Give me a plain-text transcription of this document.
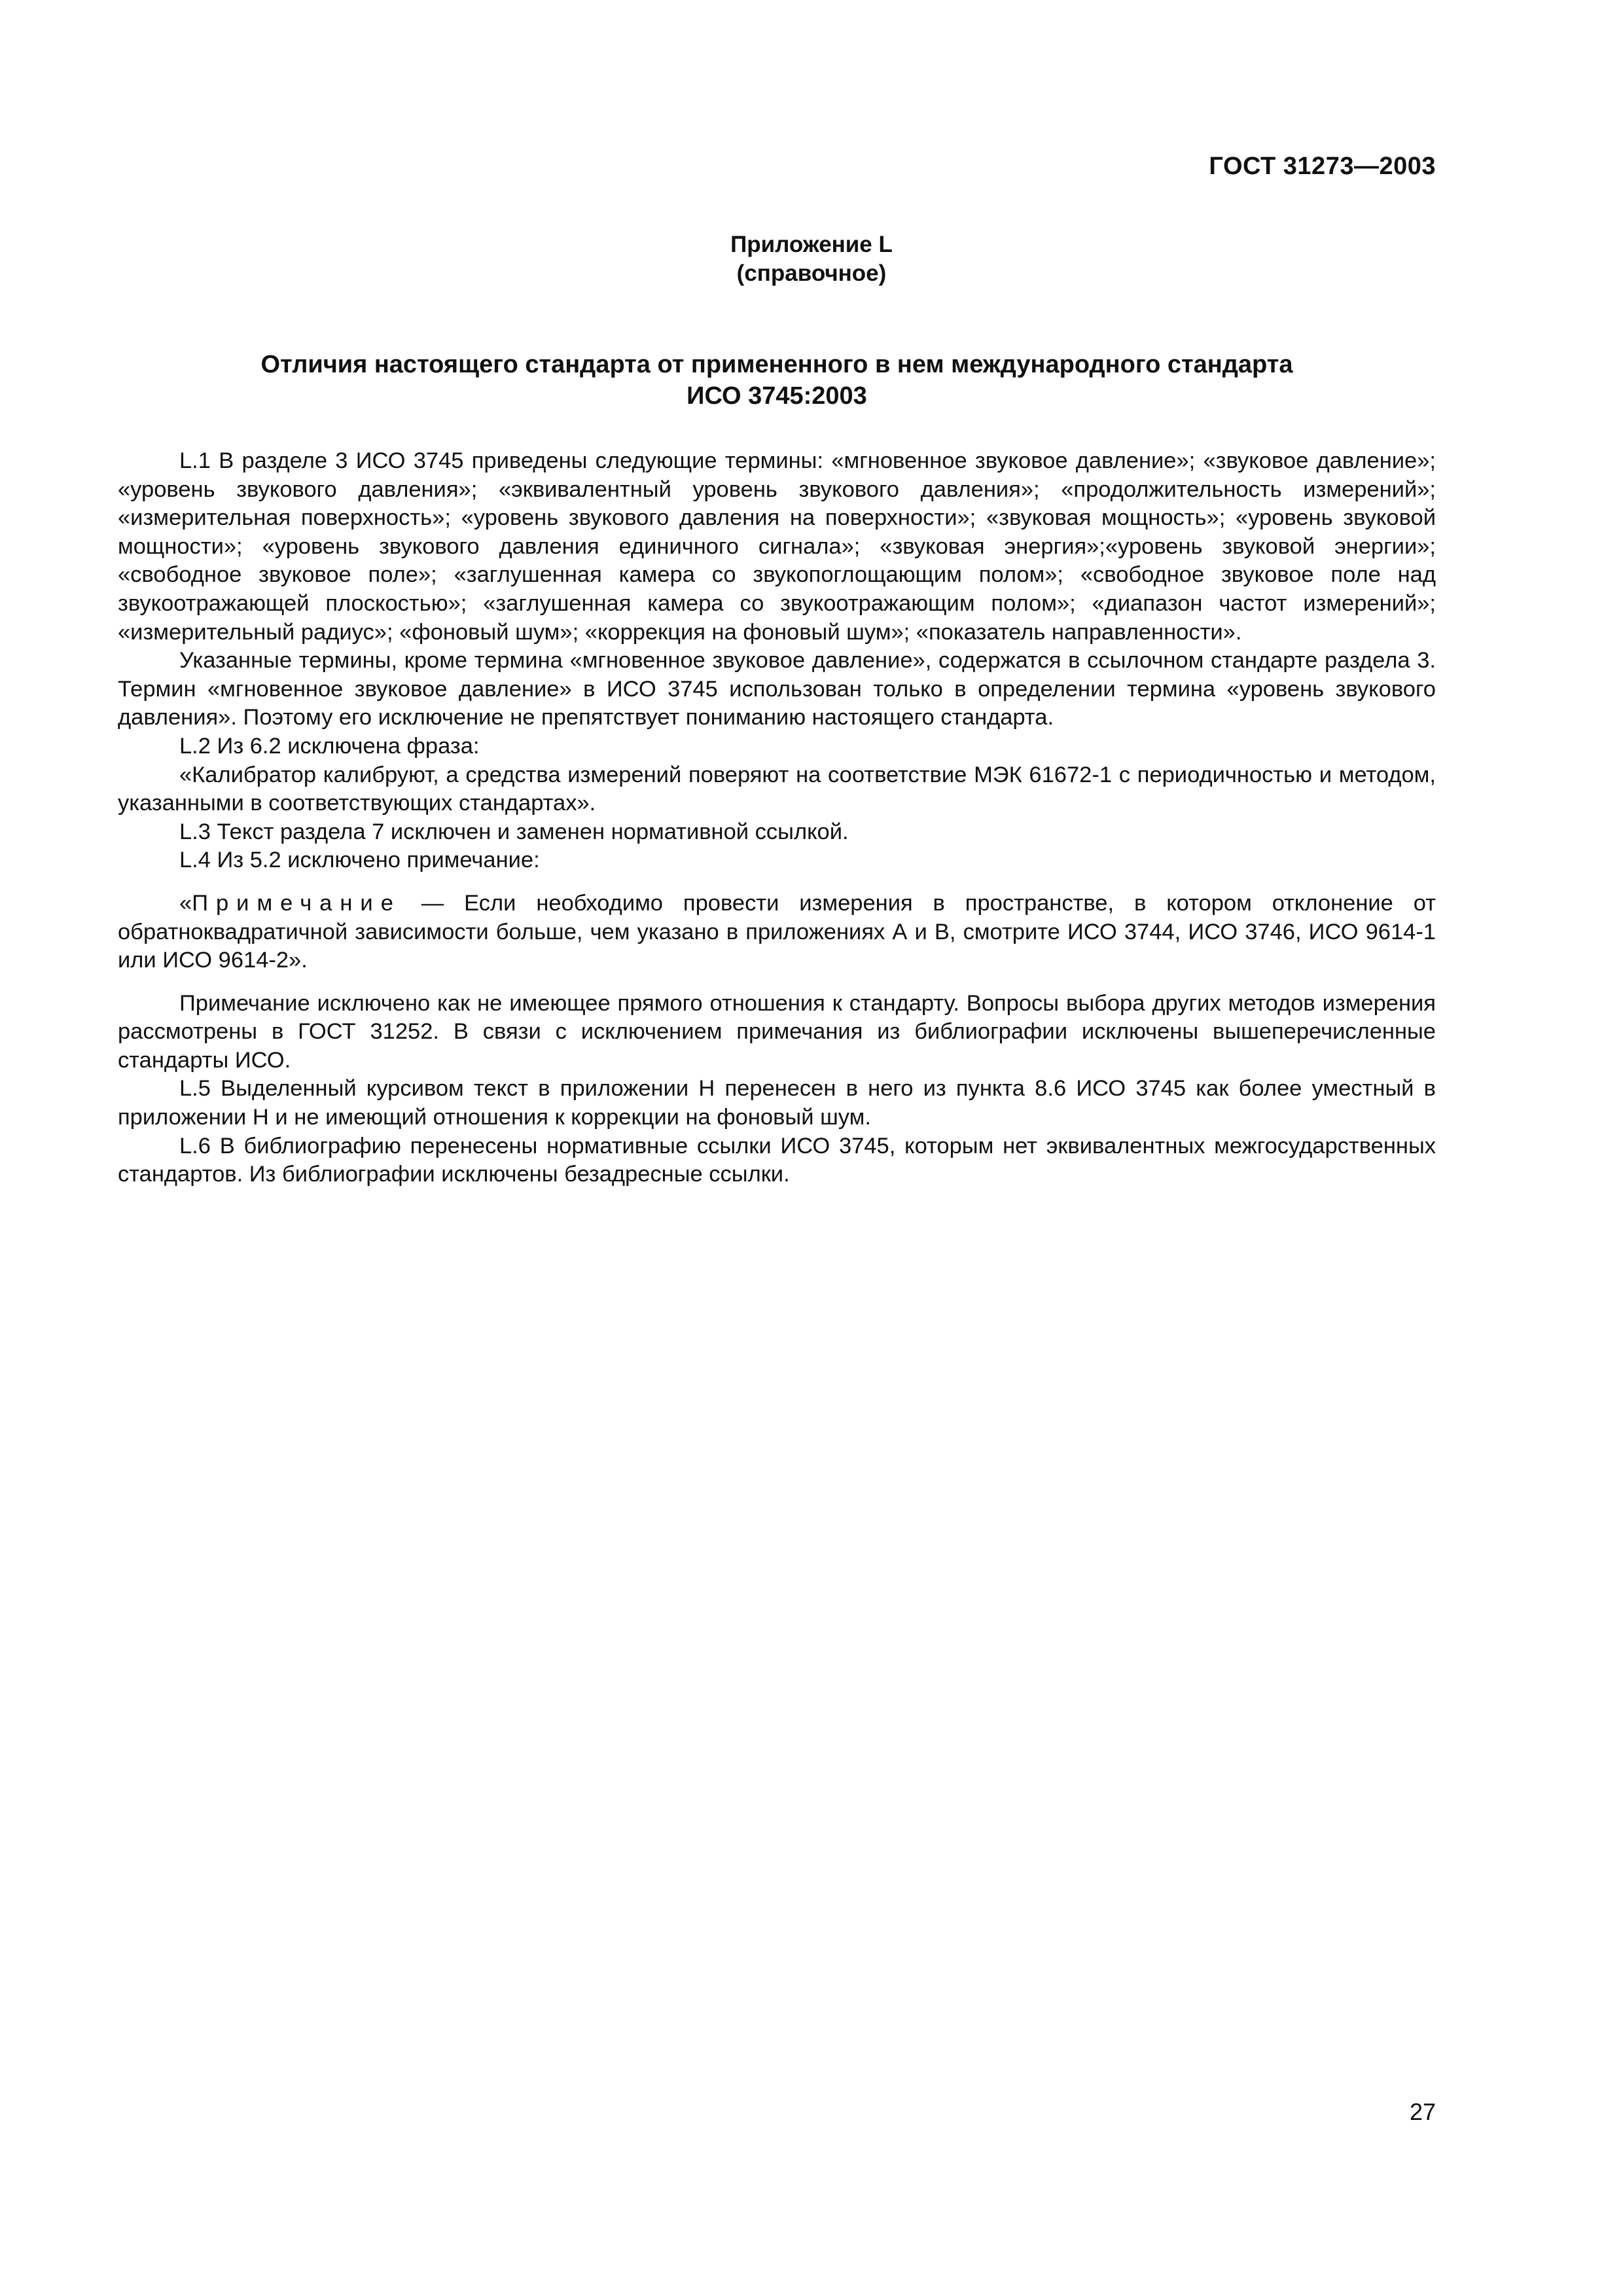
ГОСТ 31273—2003
Приложение L
(справочное)
Отличия настоящего стандарта от примененного в нем международного стандарта
ИСО 3745:2003

L.1 В разделе 3 ИСО 3745 приведены следующие термины: «мгновенное звуковое давление»; «звуковое давление»; «уровень звукового давления»; «эквивалентный уровень звукового давления»; «продолжительность измерений»; «измерительная поверхность»; «уровень звукового давления на поверхности»; «звуковая мощность»; «уровень звуковой мощности»; «уровень звукового давления единичного сигнала»; «звуковая энергия»;«уровень звуковой энергии»; «свободное звуковое поле»; «заглушенная камера со звукопоглощающим полом»; «свободное звуковое поле над звукоотражающей плоскостью»; «заглушенная камера со звукоотражающим полом»; «диапазон частот измерений»; «измерительный радиус»; «фоновый шум»; «коррекция на фоновый шум»; «показатель направленности».

Указанные термины, кроме термина «мгновенное звуковое давление», содержатся в ссылочном стандарте раздела 3. Термин «мгновенное звуковое давление» в ИСО 3745 использован только в определении термина «уровень звукового давления». Поэтому его исключение не препятствует пониманию настоящего стандарта.

L.2 Из 6.2 исключена фраза:

«Калибратор калибруют, а средства измерений поверяют на соответствие МЭК 61672-1 с периодичностью и методом, указанными в соответствующих стандартах».

L.3 Текст раздела 7 исключен и заменен нормативной ссылкой.

L.4 Из 5.2 исключено примечание:

«Примечание — Если необходимо провести измерения в пространстве, в котором отклонение от обратноквадратичной зависимости больше, чем указано в приложениях А и В, смотрите ИСО 3744, ИСО 3746, ИСО 9614-1 или ИСО 9614-2».

Примечание исключено как не имеющее прямого отношения к стандарту. Вопросы выбора других методов измерения рассмотрены в ГОСТ 31252. В связи с исключением примечания из библиографии исключены вышеперечисленные стандарты ИСО.

L.5 Выделенный курсивом текст в приложении Н перенесен в него из пункта 8.6 ИСО 3745 как более уместный в приложении Н и не имеющий отношения к коррекции на фоновый шум.

L.6 В библиографию перенесены нормативные ссылки ИСО 3745, которым нет эквивалентных межгосударственных стандартов. Из библиографии исключены безадресные ссылки.

27
